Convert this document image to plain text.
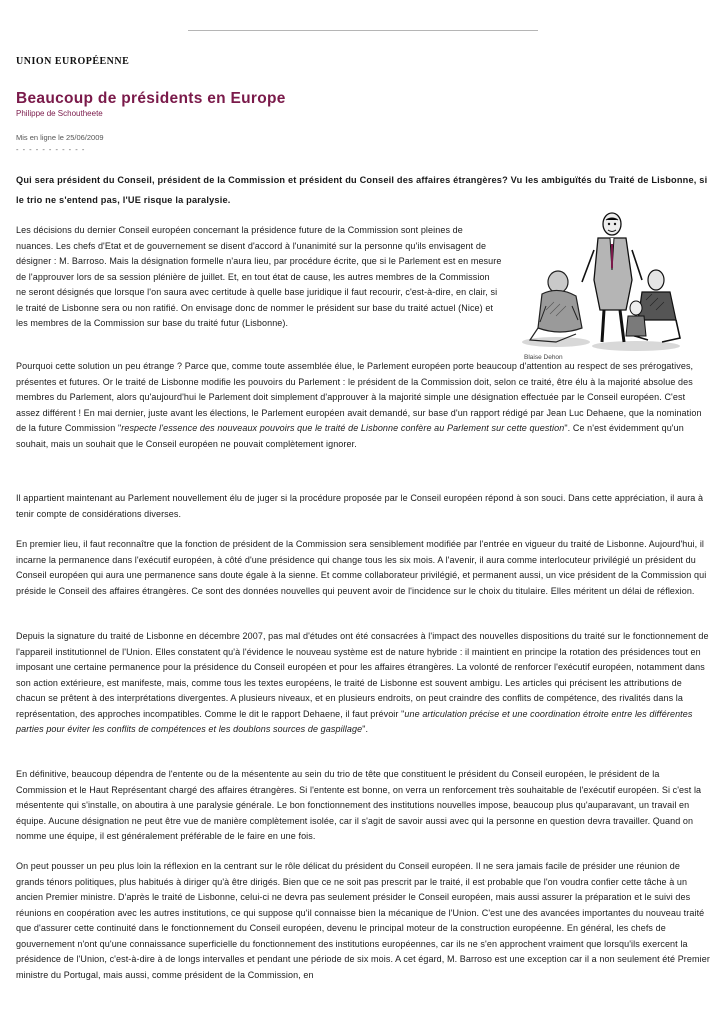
UNION EUROPÉENNE
Beaucoup de présidents en Europe
Philippe de Schoutheete
Mis en ligne le 25/06/2009
- - - - - - - - - - -
Qui sera président du Conseil, président de la Commission et président du Conseil des affaires étrangères? Vu les ambiguïtés du Traité de Lisbonne, si le trio ne s'entend pas, l'UE risque la paralysie.
Blaise Dehon

Les décisions du dernier Conseil européen concernant la présidence future de la Commission sont pleines de nuances. Les chefs d'Etat et de gouvernement se disent d'accord à l'unanimité sur la personne qu'ils envisagent de désigner : M. Barroso. Mais la désignation formelle n'aura lieu, par procédure écrite, que si le Parlement est en mesure de l'approuver lors de sa session plénière de juillet. Et, en tout état de cause, les autres membres de la Commission ne seront désignés que lorsque l'on saura avec certitude à quelle base juridique il faut recourir, c'est-à-dire, en clair, si le traité de Lisbonne sera ou non ratifié. On envisage donc de nommer le président sur base du traité actuel (Nice) et les membres de la Commission sur base du traité futur (Lisbonne).

Pourquoi cette solution un peu étrange ? Parce que, comme toute assemblée élue, le Parlement européen porte beaucoup d'attention au respect de ses prérogatives, présentes et futures. Or le traité de Lisbonne modifie les pouvoirs du Parlement : le président de la Commission doit, selon ce traité, être élu à la majorité absolue des membres du Parlement, alors qu'aujourd'hui le Parlement doit simplement d'approuver à la majorité simple une désignation effectuée par le Conseil européen. C'est assez différent ! En mai dernier, juste avant les élections, le Parlement européen avait demandé, sur base d'un rapport rédigé par Jean Luc Dehaene, que la nomination de la future Commission "respecte l'essence des nouveaux pouvoirs que le traité de Lisbonne confère au Parlement sur cette question". Ce n'est évidemment qu'un souhait, mais un souhait que le Conseil européen ne pouvait complètement ignorer.

Il appartient maintenant au Parlement nouvellement élu de juger si la procédure proposée par le Conseil européen répond à son souci. Dans cette appréciation, il aura à tenir compte de considérations diverses.

En premier lieu, il faut reconnaître que la fonction de président de la Commission sera sensiblement modifiée par l'entrée en vigueur du traité de Lisbonne. Aujourd'hui, il incarne la permanence dans l'exécutif européen, à côté d'une présidence qui change tous les six mois. A l'avenir, il aura comme interlocuteur privilégié un président du Conseil européen qui aura une permanence sans doute égale à la sienne. Et comme collaborateur privilégié, et permanent aussi, un vice président de la Commission qui préside le Conseil des affaires étrangères. Ce sont des données nouvelles qui peuvent avoir de l'incidence sur le choix du titulaire. Elles méritent un délai de réflexion.

Depuis la signature du traité de Lisbonne en décembre 2007, pas mal d'études ont été consacrées à l'impact des nouvelles dispositions du traité sur le fonctionnement de l'appareil institutionnel de l'Union. Elles constatent qu'à l'évidence le nouveau système est de nature hybride : il maintient en principe la rotation des présidences tout en imposant une certaine permanence pour la présidence du Conseil européen et pour les affaires étrangères. La volonté de renforcer l'exécutif européen, notamment dans son action extérieure, est manifeste, mais, comme tous les textes européens, le traité de Lisbonne est souvent ambigu. Les articles qui précisent les attributions de chacun se prêtent à des interprétations divergentes. A plusieurs niveaux, et en plusieurs endroits, on peut craindre des conflits de compétence, des rivalités dans la représentation, des approches incompatibles. Comme le dit le rapport Dehaene, il faut prévoir "une articulation précise et une coordination étroite entre les différentes parties pour éviter les conflits de compétences et les doublons sources de gaspillage".

En définitive, beaucoup dépendra de l'entente ou de la mésentente au sein du trio de tête que constituent le président du Conseil européen, le président de la Commission et le Haut Représentant chargé des affaires étrangères. Si l'entente est bonne, on verra un renforcement très souhaitable de l'exécutif européen. Si c'est la mésentente qui s'installe, on aboutira à une paralysie générale. Le bon fonctionnement des institutions nouvelles impose, beaucoup plus qu'auparavant, un travail en équipe. Aucune désignation ne peut être vue de manière complètement isolée, car il s'agit de savoir aussi avec qui la personne en question devra travailler. Quand on nomme une équipe, il est généralement préférable de le faire en une fois.

On peut pousser un peu plus loin la réflexion en la centrant sur le rôle délicat du président du Conseil européen. Il ne sera jamais facile de présider une réunion de grands ténors politiques, plus habitués à diriger qu'à être dirigés. Bien que ce ne soit pas prescrit par le traité, il est probable que l'on voudra confier cette tâche à un ancien Premier ministre. D'après le traité de Lisbonne, celui-ci ne devra pas seulement présider le Conseil européen, mais aussi assurer la préparation et le suivi des réunions en coopération avec les autres institutions, ce qui suppose qu'il connaisse bien la mécanique de l'Union. C'est une des avancées importantes du nouveau traité que d'assurer cette continuité dans le fonctionnement du Conseil européen, devenu le principal moteur de la construction européenne. En général, les chefs de gouvernement n'ont qu'une connaissance superficielle du fonctionnement des institutions européennes, car ils ne s'en approchent vraiment que lorsqu'ils exercent la présidence de l'Union, c'est-à-dire à de longs intervalles et pendant une période de six mois. A cet égard, M. Barroso est une exception car il a non seulement été Premier ministre du Portugal, mais aussi, comme président de la Commission, en
